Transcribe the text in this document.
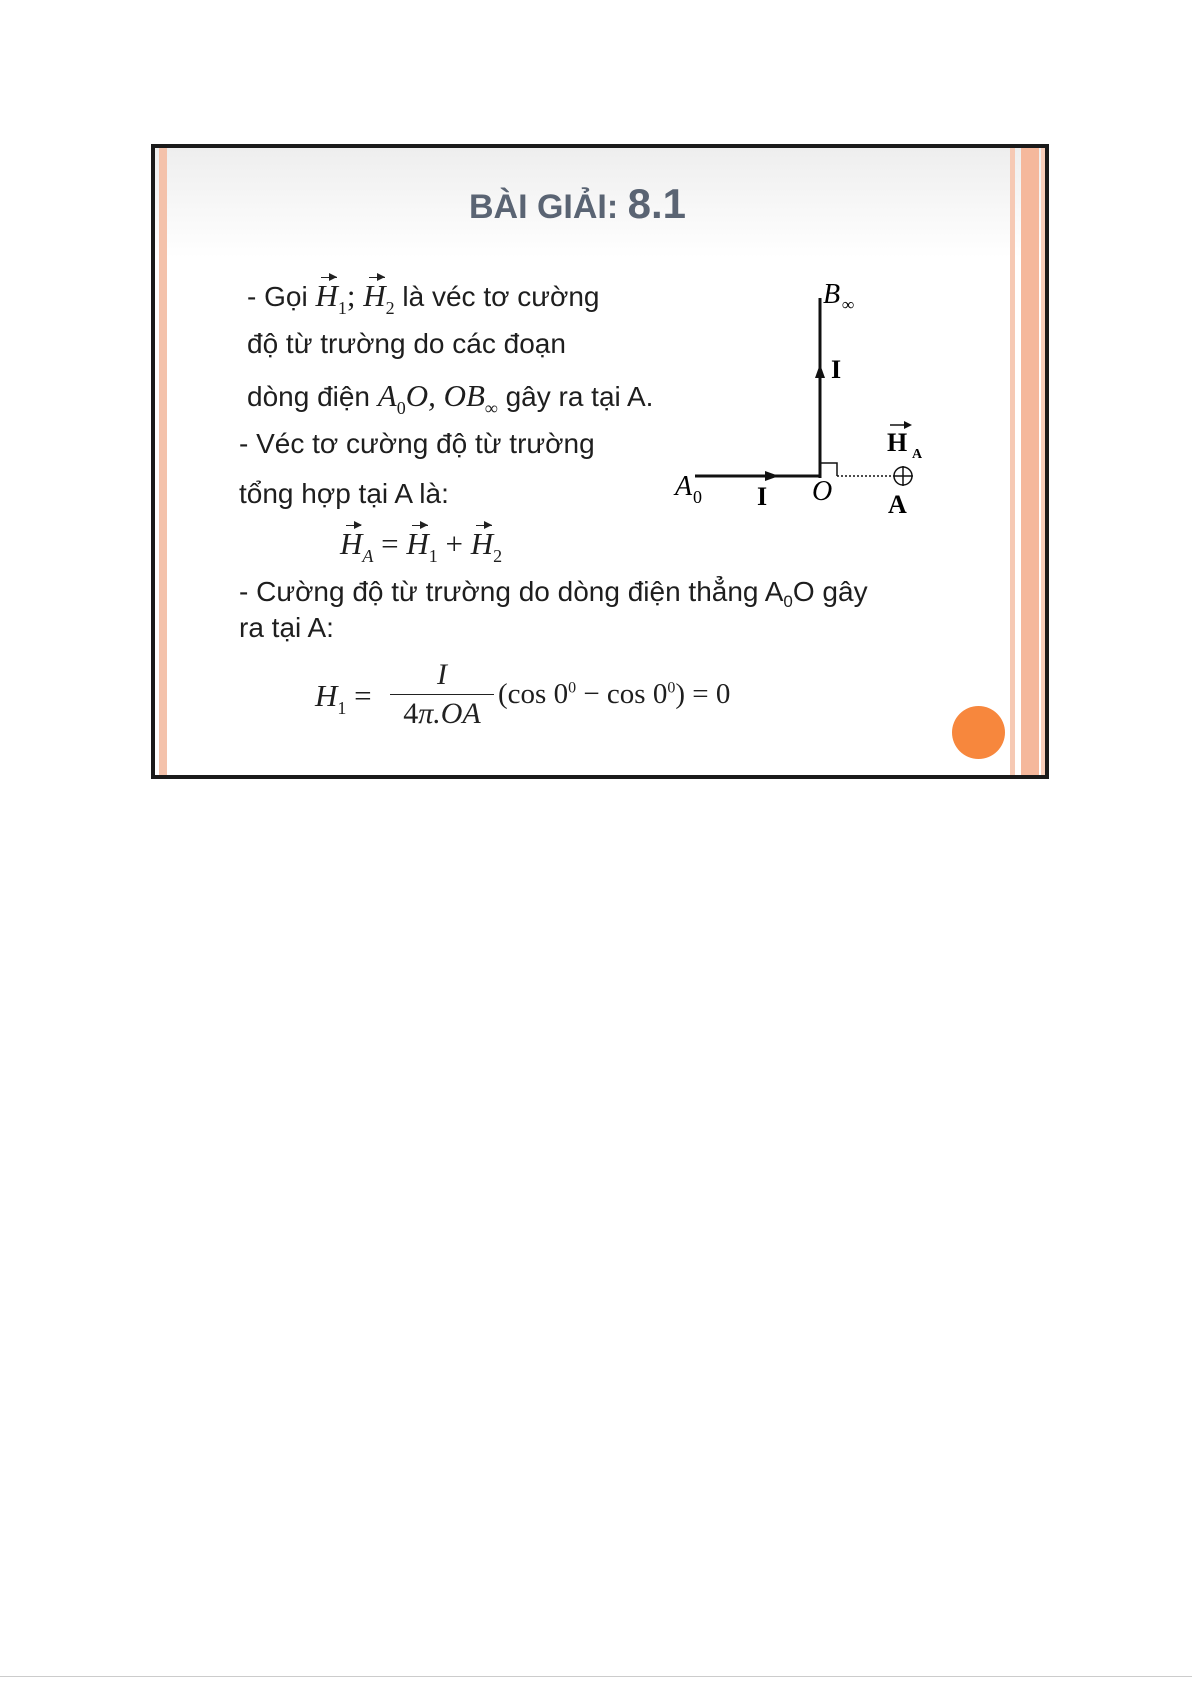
BÀI GIẢI: 8.1
- Gọi $H_1$; $H_2$ là véc tơ cường
độ từ trường do các đoạn
dòng điện $A_0O$, $OB_\infty$ gây ra tại A.
- Véc tơ cường độ từ trường
tổng hợp tại A là:
$H_A = H_1 + H_2$
- Cường độ từ trường do dòng điện thẳng $A_0O$ gây
ra tại A:
$H_1 = \frac{I}{4\pi.OA} (\cos$ $0^0 - \cos 0^0) = 0$
B ∞
I
H A
A 0 I O A
